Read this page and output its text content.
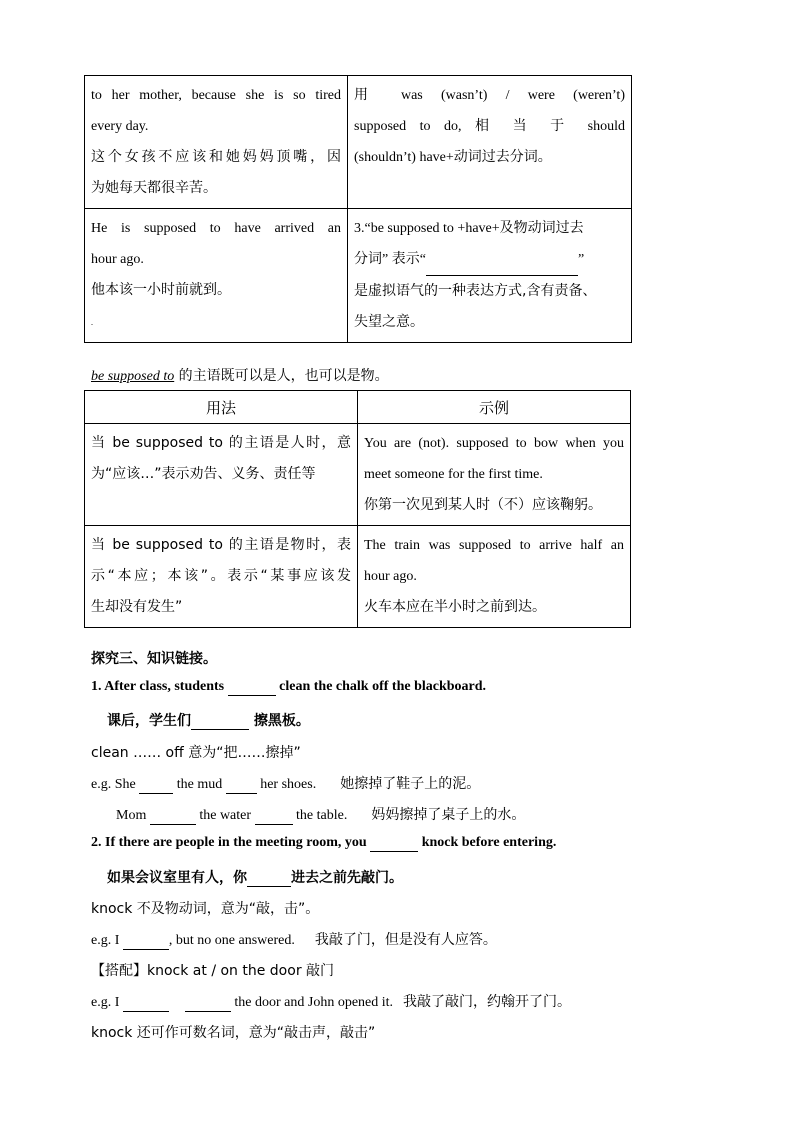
to her mother, because she is so tired
every day.

这个女孩不应该和她妈妈顶嘴，因
为她每天都很辛苦。	用 was (wasn’t) / were (weren’t)
supposed to do, 相 当 于 should
(shouldn’t) have+动词过去分词。

He is supposed to have arrived an
hour ago.
他本该一小时前就到。
.	3.“be supposed to +have+及物动词过去
分词” 表示“ ”
是虚拟语气的一种表达方式,含有责备、
失望之意。
be supposed to 的主语既可以是人，也可以是物。
用法	示例

当 be supposed to 的主语是人时，意
为“应该…”表示劝告、义务、责任等	You are (not). supposed to bow when you
meet someone for the first time.
你第一次见到某人时（不）应该鞠躬。

当 be supposed to 的主语是物时，表
示“本应；本该”。表示“某事应该发
生却没有发生”	The train was supposed to arrive half an
hour ago.
火车本应在半小时之前到达。
探究三、知识链接。
1. After class, students	clean the chalk off the blackboard.
课后，学生们	擦黑板。
clean …… off 意为“把……擦掉”
e.g. She   the mud   her shoes. 她擦掉了鞋子上的泥。
Mom	the water	the table. 妈妈擦掉了桌子上的水。
2. If there are people in the meeting room, you	knock before entering.
如果会议室里有人，你	进去之前先敲门。
knock 不及物动词，意为“敲，击”。
e.g. I	, but no one answered. 我敲了门，但是没有人应答。
【搭配】knock at / on the door 敲门
e.g. I	the door and John opened it. 我敲了敲门，约翰开了门。
knock 还可作可数名词，意为“敲击声，敲击”
